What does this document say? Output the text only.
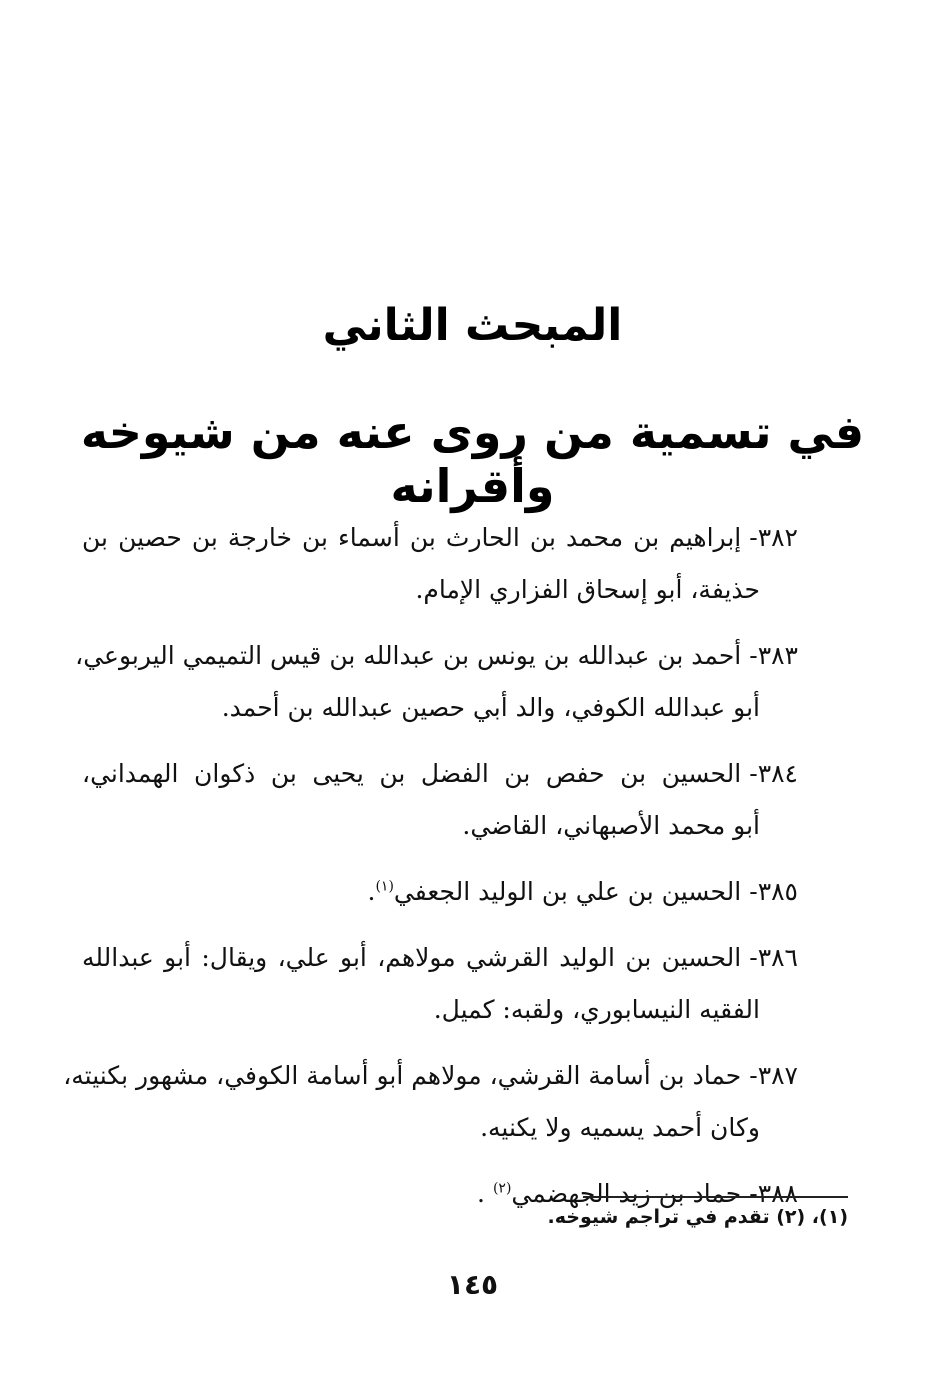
المبحث الثاني
في تسمية من روى عنه من شيوخه وأقرانه
٣٨٢-إبراهيم بن محمد بن الحارث بن أسماء بن خارجة بن حصين بن
حذيفة، أبو إسحاق الفزاري الإمام.
٣٨٣-أحمد بن عبدالله بن يونس بن عبدالله بن قيس التميمي اليربوعي،
أبو عبدالله الكوفي، والد أبي حصين عبدالله بن أحمد.
٣٨٤-الحسين بن حفص بن الفضل بن يحيى بن ذكوان الهمداني،
أبو محمد الأصبهاني، القاضي.
٣٨٥-الحسين بن علي بن الوليد الجعفي$^{(١)}$.
٣٨٦-الحسين بن الوليد القرشي مولاهم، أبو علي، ويقال: أبو عبدالله
الفقيه النيسابوري، ولقبه: كميل.
٣٨٧-حماد بن أسامة القرشي، مولاهم أبو أسامة الكوفي، مشهور بكنيته،
وكان أحمد يسميه ولا يكنيه.
٣٨٨-حماد بن زيد الجهضمي$^{(٢)}$ .
(١)، (٢) تقدم في تراجم شيوخه.
١٤٥
